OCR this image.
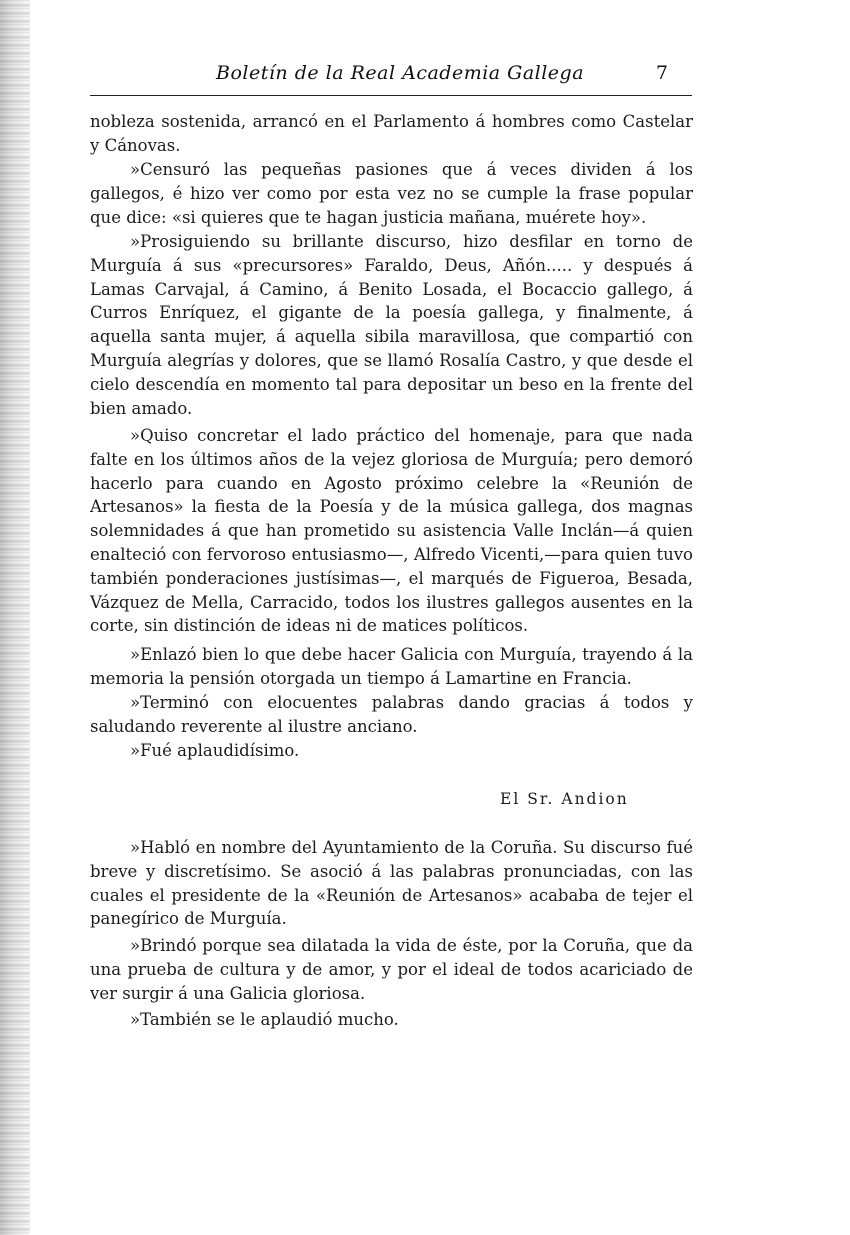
Boletín de la Real Academia Gallega	7

nobleza sostenida, arrancó en el Parlamento á hombres como Castelar y Cánovas.

»Censuró las pequeñas pasiones que á veces dividen á los gallegos, é hizo ver como por esta vez no se cumple la frase popular que dice: «si quieres que te hagan justicia mañana, muérete hoy».

»Prosiguiendo su brillante discurso, hizo desfilar en torno de Murguía á sus «precursores» Faraldo, Deus, Añón..... y después á Lamas Carvajal, á Camino, á Benito Losada, el Bocaccio gallego, á Curros Enríquez, el gigante de la poesía gallega, y finalmente, á aquella santa mujer, á aquella sibila maravillosa, que compartió con Murguía alegrías y dolores, que se llamó Rosalía Castro, y que desde el cielo descendía en momento tal para depositar un beso en la frente del bien amado.

»Quiso concretar el lado práctico del homenaje, para que nada falte en los últimos años de la vejez gloriosa de Murguía; pero demoró hacerlo para cuando en Agosto próximo celebre la «Reunión de Artesanos» la fiesta de la Poesía y de la música gallega, dos magnas solemnidades á que han prometido su asistencia Valle Inclán—á quien enalteció con fervoroso entusiasmo—, Alfredo Vicenti,—para quien tuvo también ponderaciones justísimas—, el marqués de Figueroa, Besada, Vázquez de Mella, Carracido, todos los ilustres gallegos ausentes en la corte, sin distinción de ideas ni de matices políticos.

»Enlazó bien lo que debe hacer Galicia con Murguía, trayendo á la memoria la pensión otorgada un tiempo á Lamartine en Francia.

»Terminó con elocuentes palabras dando gracias á todos y saludando reverente al ilustre anciano.

»Fué aplaudidísimo.

El Sr. Andion

»Habló en nombre del Ayuntamiento de la Coruña. Su discurso fué breve y discretísimo. Se asoció á las palabras pronunciadas, con las cuales el presidente de la «Reunión de Artesanos» acababa de tejer el panegírico de Murguía.

»Brindó porque sea dilatada la vida de éste, por la Coruña, que da una prueba de cultura y de amor, y por el ideal de todos acariciado de ver surgir á una Galicia gloriosa.

»También se le aplaudió mucho.
